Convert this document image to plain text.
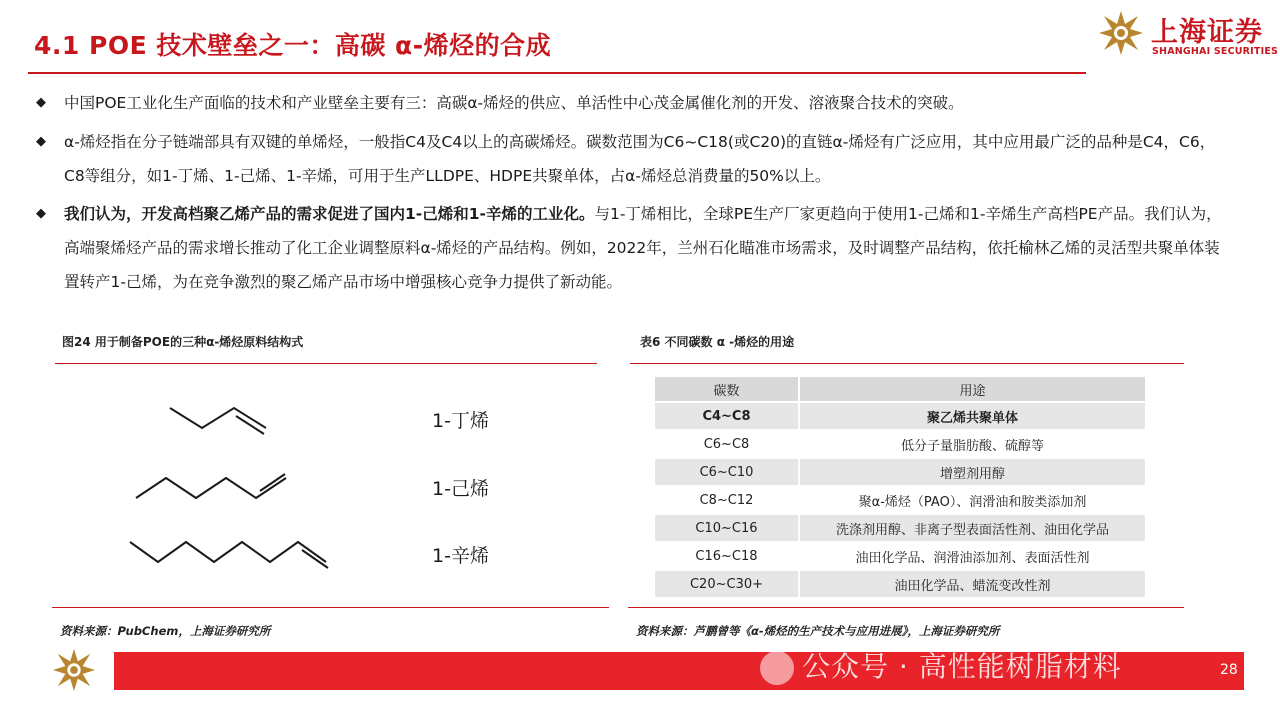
4.1 POE 技术壁垒之一：高碳 α-烯烃的合成	上海证券
SHANGHAI SECURITIES
◆ 中国POE工业化生产面临的技术和产业壁垒主要有三：高碳α-烯烃的供应、单活性中心茂金属催化剂的开发、溶液聚合技术的突破。
◆ α-烯烃指在分子链端部具有双键的单烯烃，一般指C4及C4以上的高碳烯烃。碳数范围为C6~C18(或C20)的直链α-烯烃有广泛应用，其中应用最广泛的品种是C4，C6，C8等组分，如1-丁烯、1-己烯、1-辛烯，可用于生产LLDPE、HDPE共聚单体，占α-烯烃总消费量的50%以上。
◆ 我们认为，开发高档聚乙烯产品的需求促进了国内1-己烯和1-辛烯的工业化。与1-丁烯相比，全球PE生产厂家更趋向于使用1-己烯和1-辛烯生产高档PE产品。我们认为，高端聚烯烃产品的需求增长推动了化工企业调整原料α-烯烃的产品结构。例如，2022年，兰州石化瞄准市场需求，及时调整产品结构，依托榆林乙烯的灵活型共聚单体装置转产1-己烯，为在竞争激烈的聚乙烯产品市场中增强核心竞争力提供了新动能。
图24 用于制备POE的三种α-烯烃原料结构式
1-丁烯
1-己烯
1-辛烯
资料来源：PubChem，上海证券研究所
表6 不同碳数 α -烯烃的用途
碳数	用途
C4~C8	聚乙烯共聚单体
C6~C8	低分子量脂肪酸、硫醇等
C6~C10	增塑剂用醇
C8~C12	聚α-烯烃（PAO）、润滑油和胺类添加剂
C10~C16	洗涤剂用醇、非离子型表面活性剂、油田化学品
C16~C18	油田化学品、润滑油添加剂、表面活性剂
C20~C30+	油田化学品、蜡流变改性剂
资料来源：芦鹏曾等《α-烯烃的生产技术与应用进展》，上海证券研究所
公众号 · 高性能树脂材料	28
